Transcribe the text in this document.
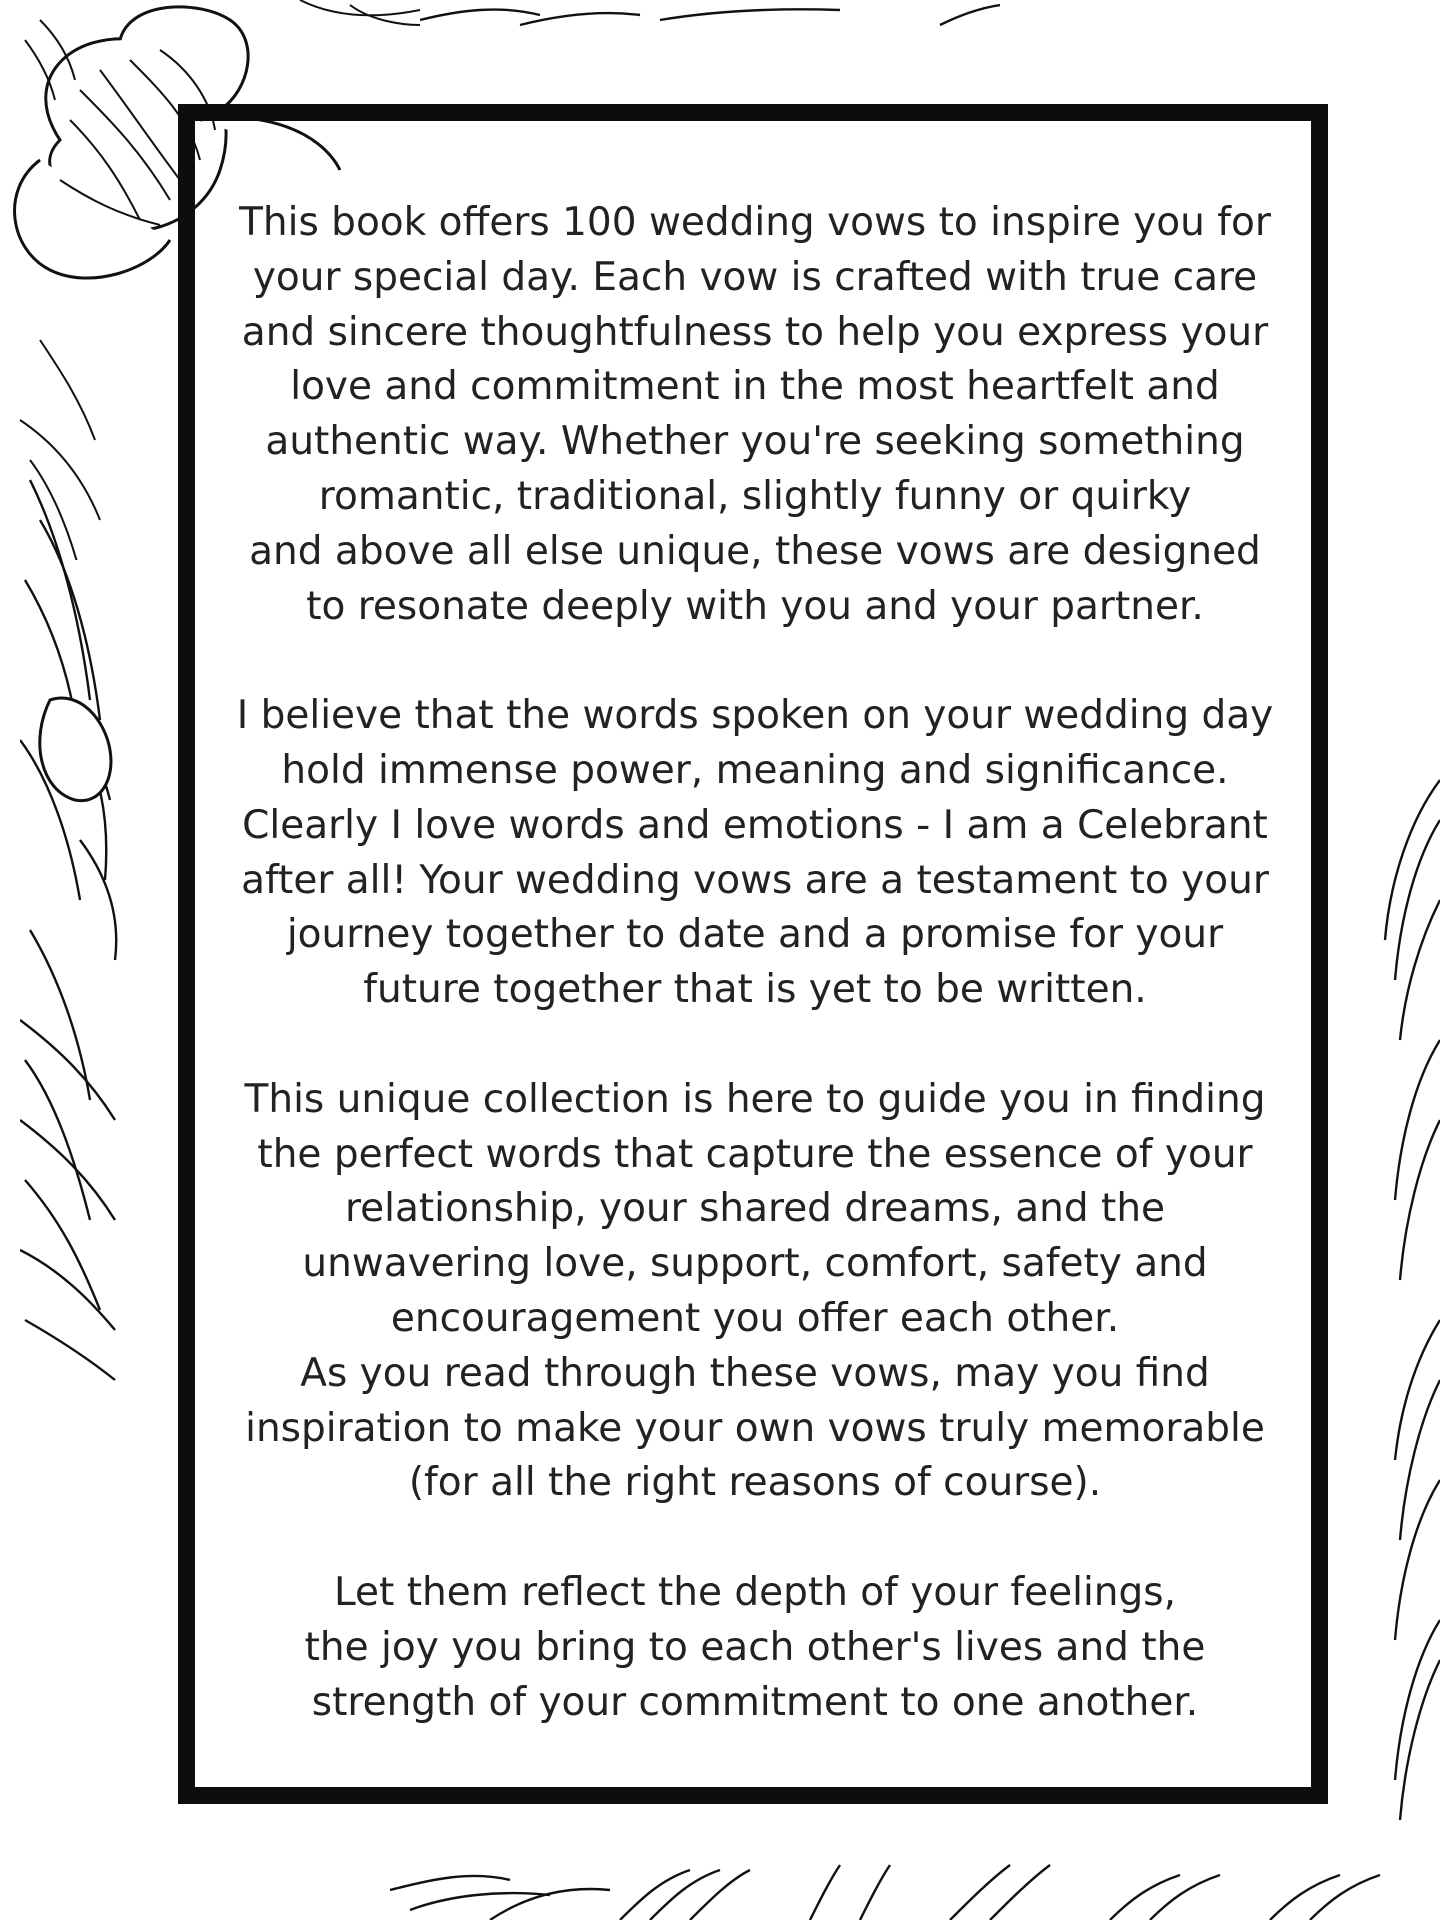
This book offers 100 wedding vows to inspire you for
your special day. Each vow is crafted with true care
and sincere thoughtfulness to help you express your
love and commitment in the most heartfelt and
authentic way. Whether you're seeking something
romantic, traditional, slightly funny or quirky
and above all else unique, these vows are designed
to resonate deeply with you and your partner.

I believe that the words spoken on your wedding day
hold immense power, meaning and significance.
Clearly I love words and emotions - I am a Celebrant
after all! Your wedding vows are a testament to your
journey together to date and a promise for your
future together that is yet to be written.

This unique collection is here to guide you in finding
the perfect words that capture the essence of your
relationship, your shared dreams, and the
unwavering love, support, comfort, safety and
encouragement you offer each other.
As you read through these vows, may you find
inspiration to make your own vows truly memorable
(for all the right reasons of course).

Let them reflect the depth of your feelings,
the joy you bring to each other's lives and the
strength of your commitment to one another.
